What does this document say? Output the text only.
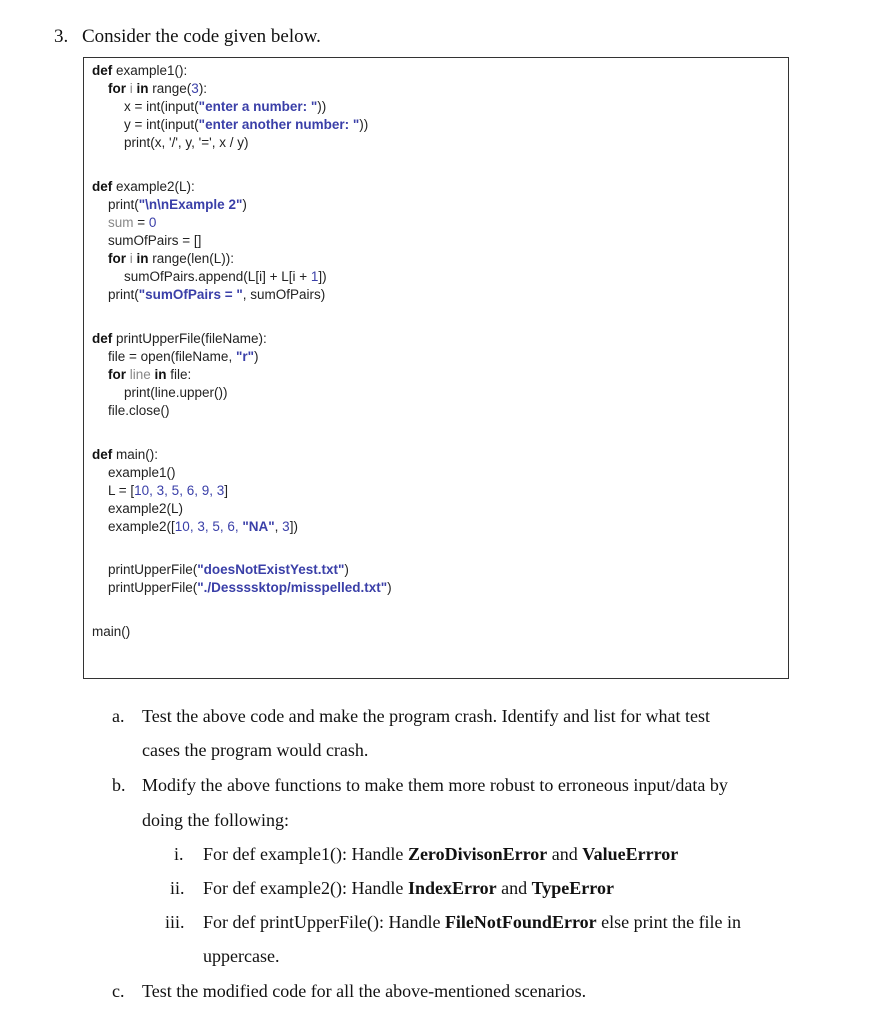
3. Consider the code given below.
def example1():
for i in range(3):
x = int(input("enter a number: "))
y = int(input("enter another number: "))
print(x, '/', y, '=', x / y)
def example2(L):
print("\n\nExample 2")
sum = 0
sumOfPairs = []
for i in range(len(L)):
sumOfPairs.append(L[i] + L[i + 1])
print("sumOfPairs = ", sumOfPairs)
def printUpperFile(fileName):
file = open(fileName, "r")
for line in file:
print(line.upper())
file.close()
def main():
example1()
L = [10, 3, 5, 6, 9, 3]
example2(L)
example2([10, 3, 5, 6, "NA", 3])
printUpperFile("doesNotExistYest.txt")
printUpperFile("./Dessssktop/misspelled.txt")
main()
a. Test the above code and make the program crash. Identify and list for what test
cases the program would crash.
b. Modify the above functions to make them more robust to erroneous input/data by
doing the following:
i. For def example1(): Handle ZeroDivisonError and ValueErrror
ii. For def example2(): Handle IndexError and TypeError
iii. For def printUpperFile(): Handle FileNotFoundError else print the file in
uppercase.
c. Test the modified code for all the above-mentioned scenarios.
